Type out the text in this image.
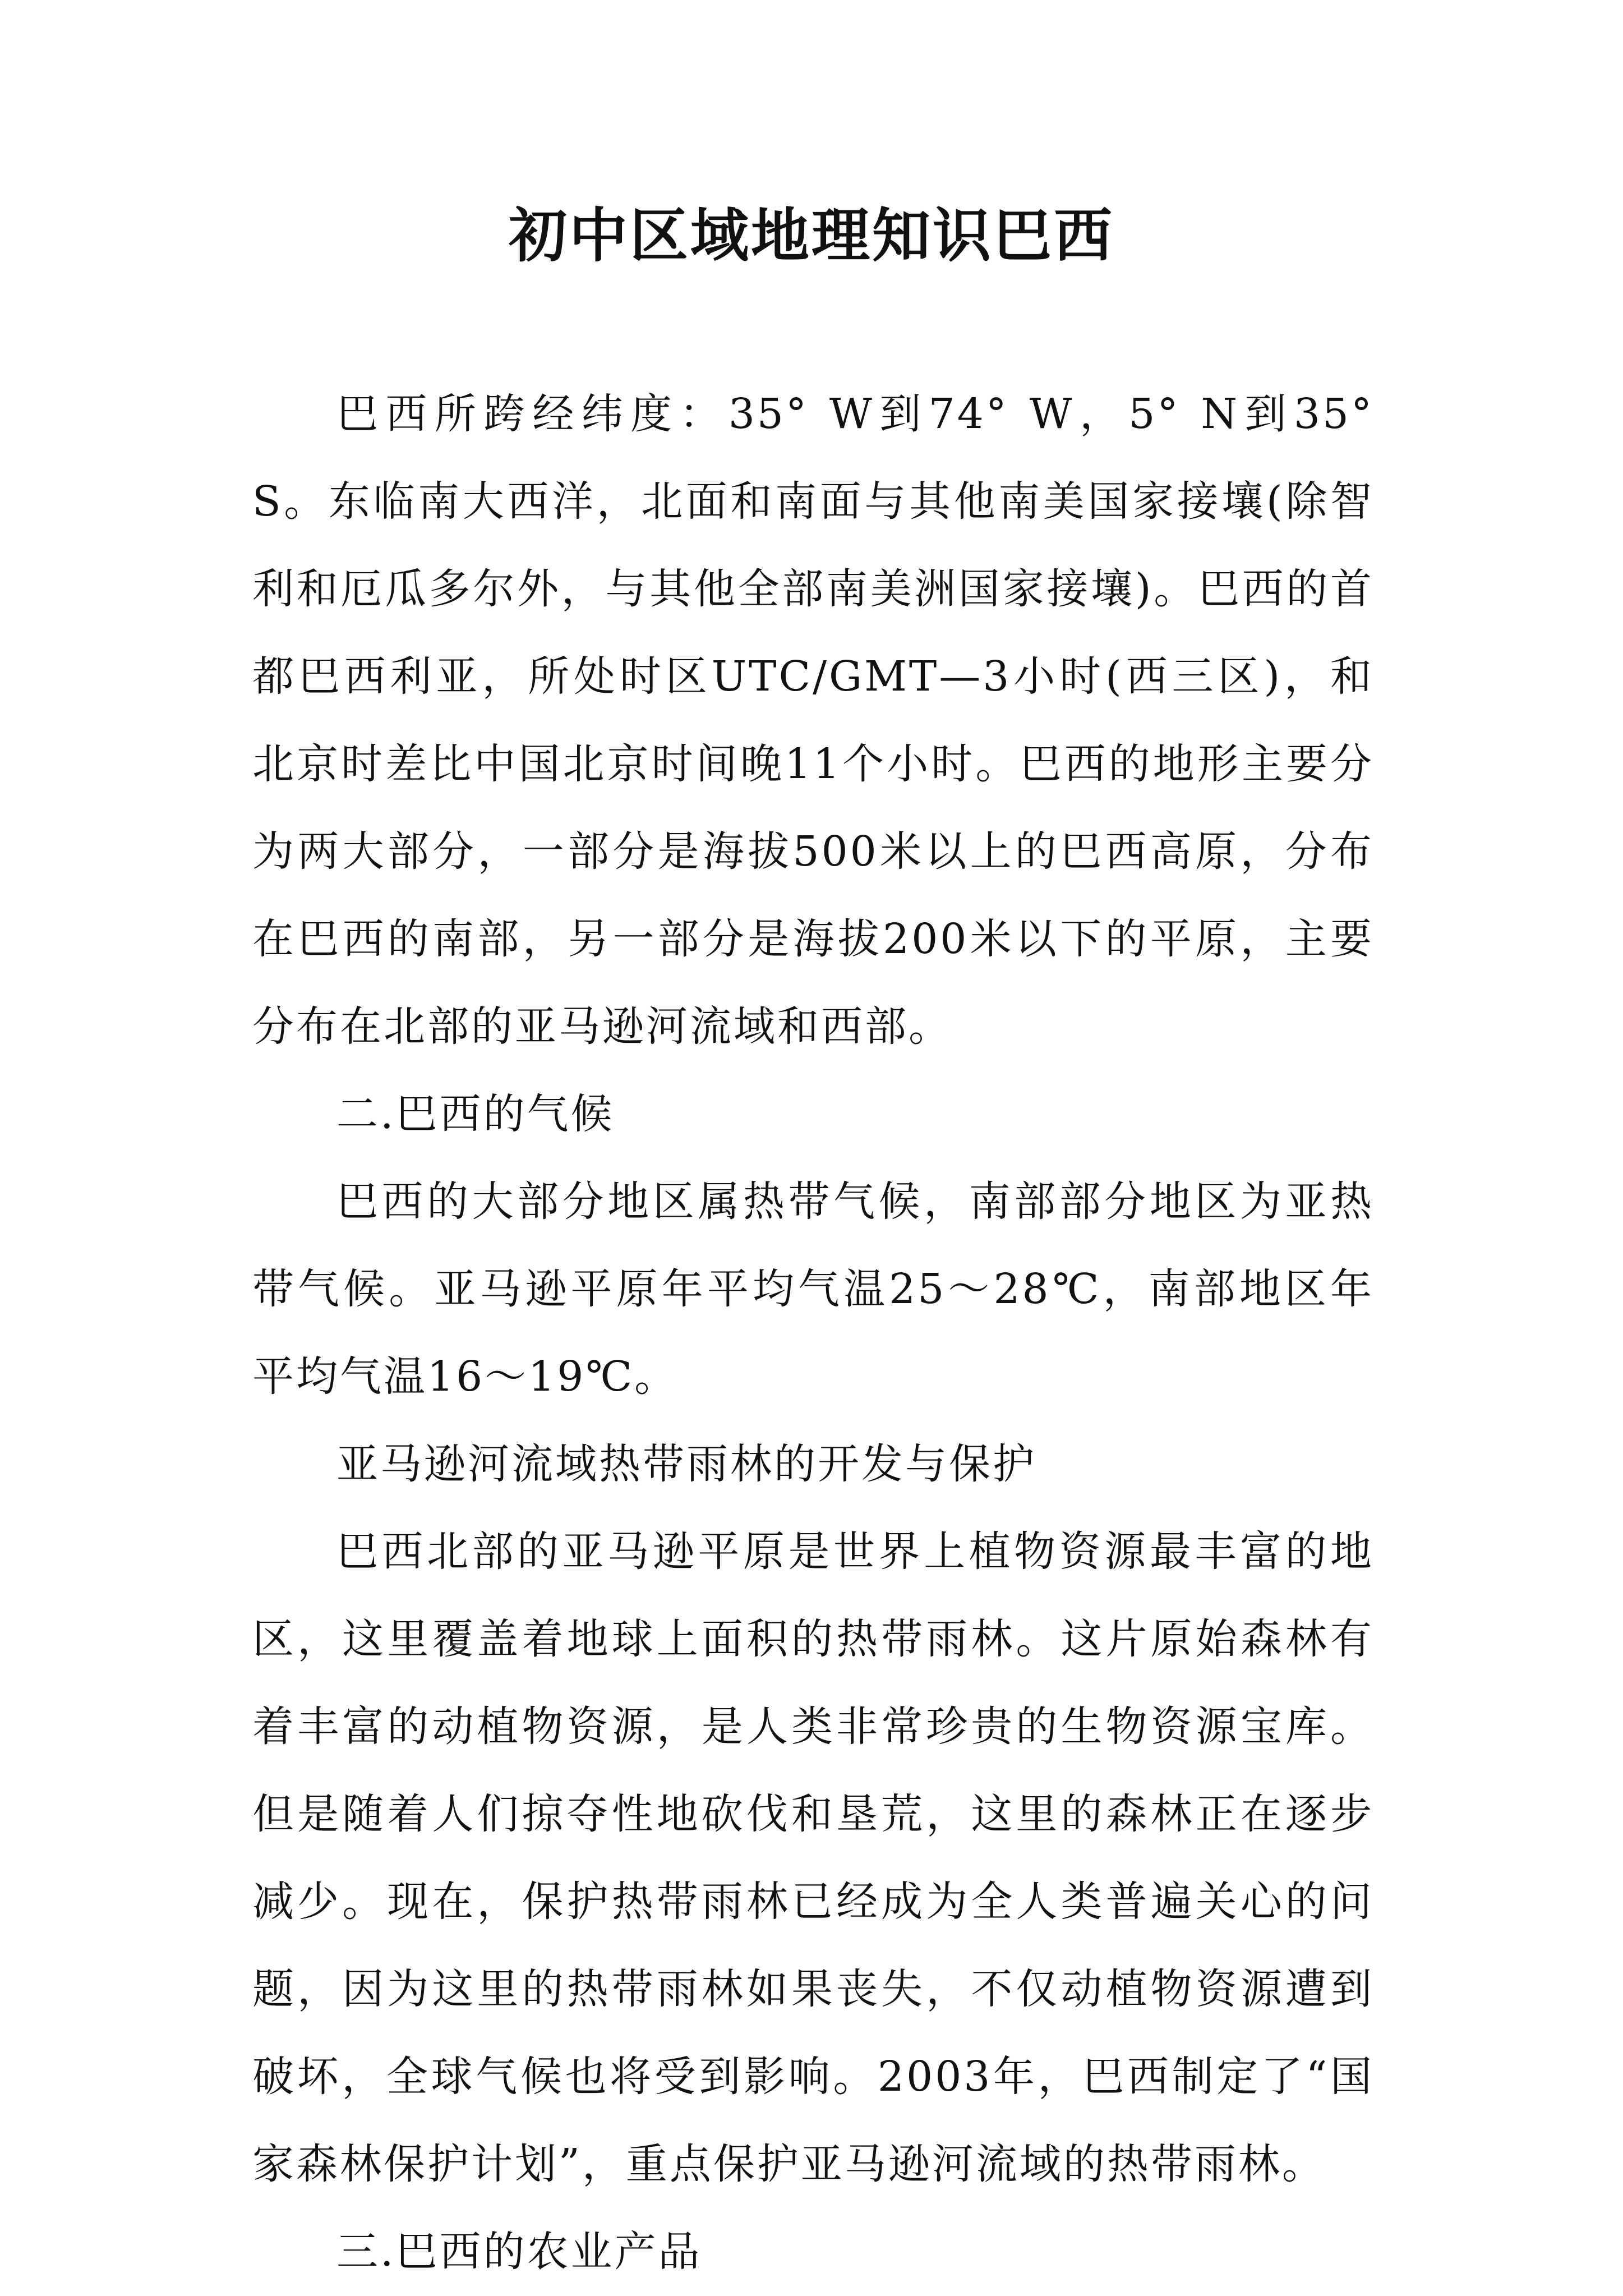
初中区域地理知识巴西

巴西所跨经纬度：35° W到74° W，5° N到35° S。东临南大西洋，北面和南面与其他南美国家接壤(除智利和厄瓜多尔外，与其他全部南美洲国家接壤)。巴西的首都巴西利亚，所处时区UTC/GMT—3小时(西三区)，和北京时差比中国北京时间晚11个小时。巴西的地形主要分为两大部分，一部分是海拔500米以上的巴西高原，分布在巴西的南部，另一部分是海拔200米以下的平原，主要分布在北部的亚马逊河流域和西部。

二.巴西的气候

巴西的大部分地区属热带气候，南部部分地区为亚热带气候。亚马逊平原年平均气温25～28℃，南部地区年平均气温16～19℃。

亚马逊河流域热带雨林的开发与保护

巴西北部的亚马逊平原是世界上植物资源最丰富的地区，这里覆盖着地球上面积的热带雨林。这片原始森林有着丰富的动植物资源，是人类非常珍贵的生物资源宝库。但是随着人们掠夺性地砍伐和垦荒，这里的森林正在逐步减少。现在，保护热带雨林已经成为全人类普遍关心的问题，因为这里的热带雨林如果丧失，不仅动植物资源遭到破坏，全球气候也将受到影响。2003年，巴西制定了“国家森林保护计划”，重点保护亚马逊河流域的热带雨林。

三.巴西的农业产品
